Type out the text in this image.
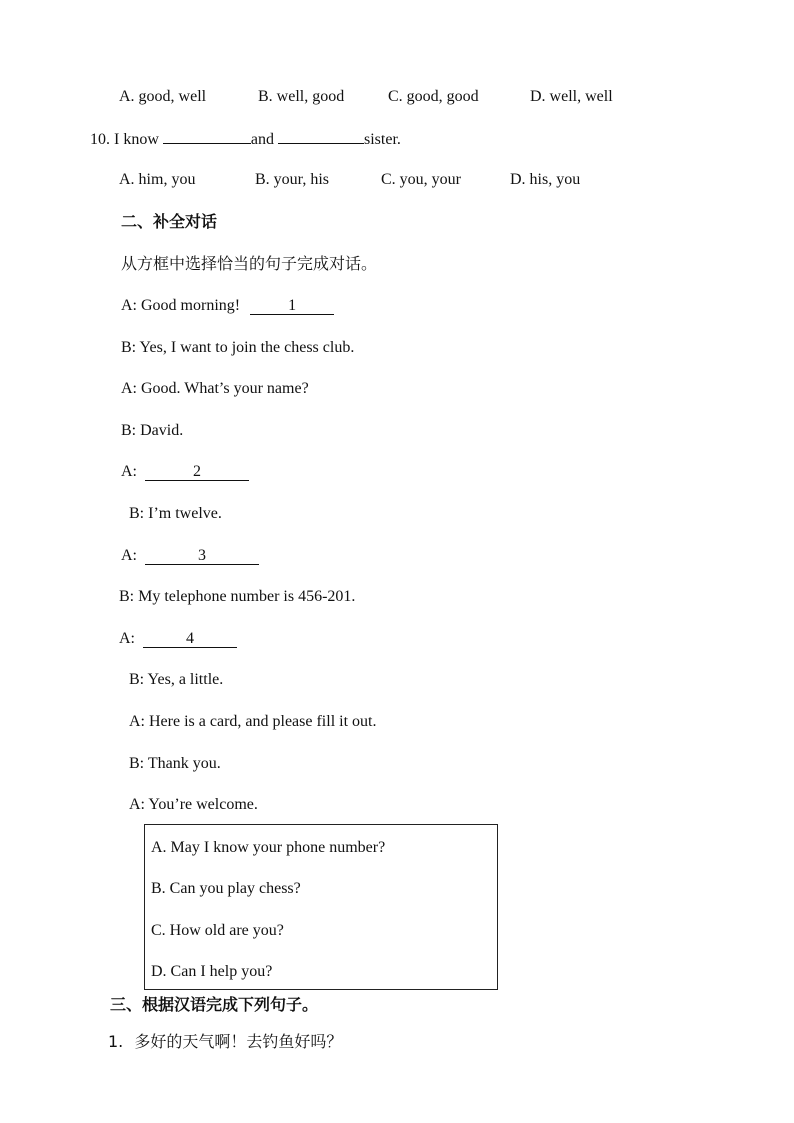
A. good, well	B. well, good	C. good, good	D. well, well
10. I know	and	sister.
A. him, you	B. your, his	C. you, your	D. his, you
二、补全对话
从方框中选择恰当的句子完成对话。
A: Good morning!	1
B: Yes, I want to join the chess club.
A: Good. What’s your name?
B: David.
A:	2
B: I’m twelve.
A:	3
B: My telephone number is 456-201.
A:	4
B: Yes, a little.
A: Here is a card, and please fill it out.
B: Thank you.
A: You’re welcome.
A. May I know your phone number?
B. Can you play chess?
C. How old are you?
D. Can I help you?
三、根据汉语完成下列句子。
1. 多好的天气啊！去钓鱼好吗？
